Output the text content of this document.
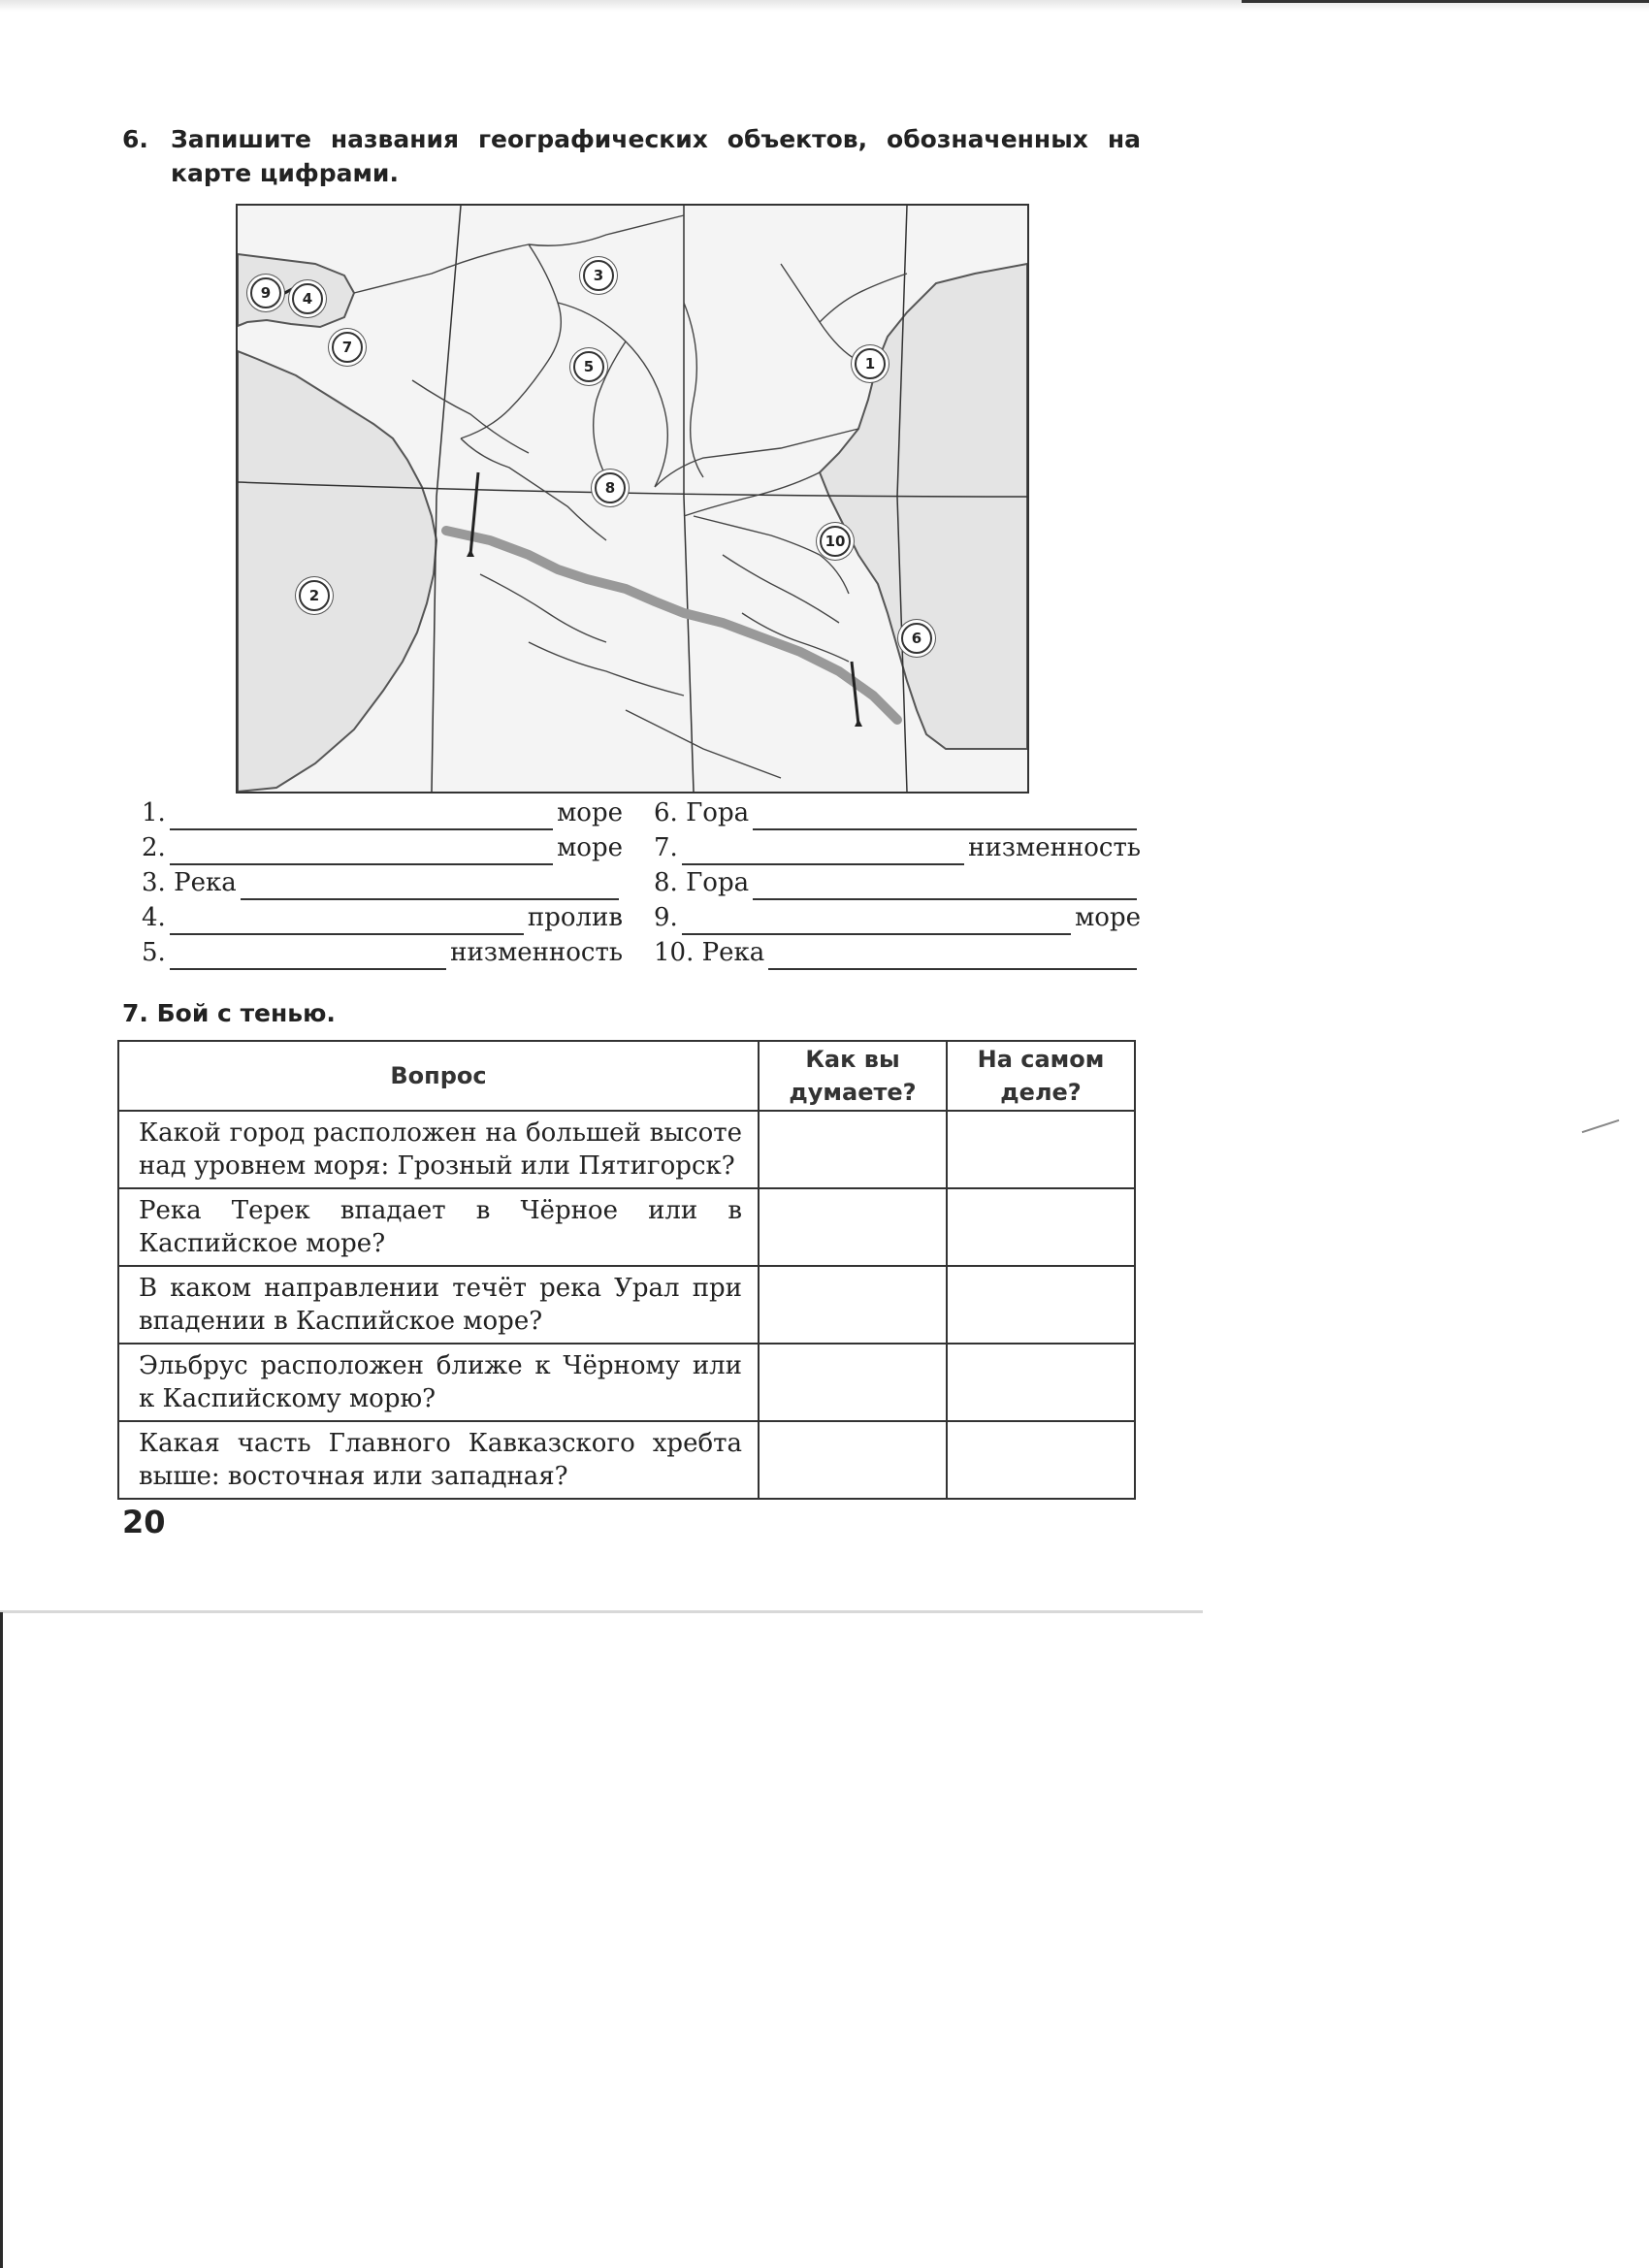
6. Запишите названия географических объектов, обозначенных на карте цифрами.
1
2
3
4
5
6
7
8
9
10
1.	море
2.	море
3. Река
4.	пролив
5.	низменность
6. Гора
7.	низменность
8. Гора
9.	море
10. Река
7. Бой с тенью.
Вопрос	Как вы думаете?	На самом деле?
Какой город расположен на большей высоте над уровнем моря: Грозный или Пятигорск?		
Река Терек впадает в Чёрное или в Каспийское море?		
В каком направлении течёт река Урал при впадении в Каспийское море?		
Эльбрус расположен ближе к Чёрному или к Каспийскому морю?		
Какая часть Главного Кавказского хребта выше: восточная или западная?		
20
